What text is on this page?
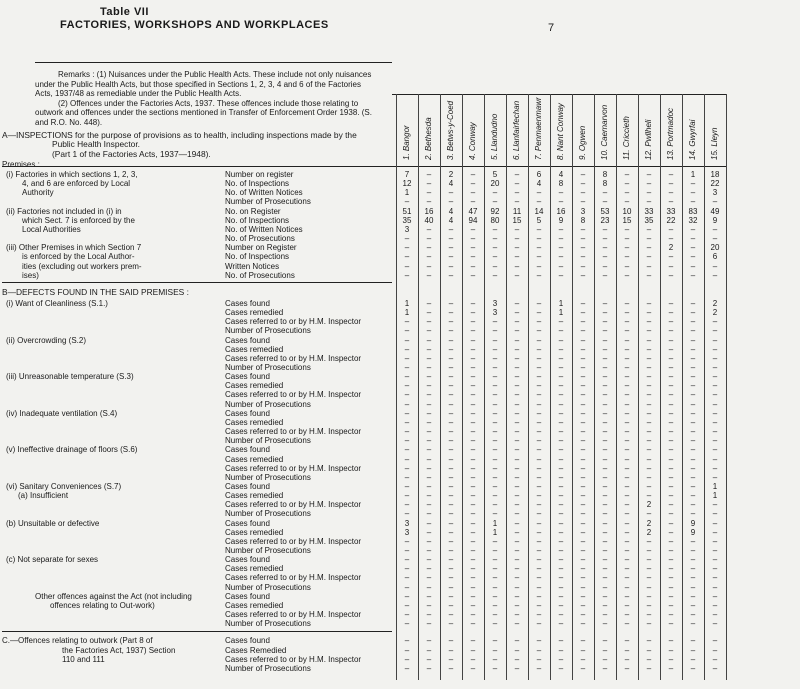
Table VII
FACTORIES, WORKSHOPS AND WORKPLACES	7
Remarks : (1) Nuisances under the Public Health Acts. These include not only nuisances
under the Public Health Acts, but those specified in Sections 1, 2, 3, 4 and 6 of the Factories
Acts, 1937/48 as remediable under the Public Health Acts.
(2) Offences under the Factories Acts, 1937. These offences include those relating to
outwork and offences under the sections mentioned in Transfer of Enforcement Order 1938. (S.
and R.O. No. 448).
A—INSPECTIONS for the purpose of provisions as to health, including inspections made by the
Public Health Inspector.
(Part 1 of the Factories Acts, 1937—1948).
Premises :
1. Bangor 2. Bethesda 3. Betws-y-Coed 4. Conway 5. Llandudno 6. Llanfairfechan 7. Penmaenmawr 8. Nant Conway 9. Ogwen 10. Caernarvon 11. Criccieth 12. Pwllheli 13. Portmadoc 14. Gwyrfai 15. Lleyn
(i) Factories in which sections 1, 2, 3,
4, and 6 are enforced by Local
Authority
Number on register	7	–	2	–	5	–	6	4	–	8	–	–	–	1	18
No. of Inspections	12	–	4	–	20	–	4	8	–	8	–	–	–	–	22
No. of Written Notices	1	–	–	–	–	–	–	–	–	–	–	–	–	–	3
Number of Prosecutions	–	–	–	–	–	–	–	–	–	–	–	–	–	–	–
(ii) Factories not included in (i) in
which Sect. 7 is enforced by the
Local Authorities
No. on Register	51	16	4	47	92	11	14	16	3	53	10	33	33	83	49
No. of Inspections	35	40	4	94	80	15	5	9	8	23	15	35	22	32	9
No. of Written Notices	3	–	–	–	–	–	–	–	–	–	–	–	–	–	–
No. of Prosecutions	–	–	–	–	–	–	–	–	–	–	–	–	–	–	–
(iii) Other Premises in which Section 7
is enforced by the Local Author-
ities (excluding out workers prem-
ises)
Number on Register	–	–	–	–	–	–	–	–	–	–	–	–	2	–	20
No. of Inspections	–	–	–	–	–	–	–	–	–	–	–	–	–	–	6
Written Notices	–	–	–	–	–	–	–	–	–	–	–	–	–	–	–
No. of Prosecutions	–	–	–	–	–	–	–	–	–	–	–	–	–	–	–
B—DEFECTS FOUND IN THE SAID PREMISES :
(i) Want of Cleanliness (S.1.)	Cases found	1	–	–	–	3	–	–	1	–	–	–	–	–	–	2
Cases remedied	1	–	–	–	3	–	–	1	–	–	–	–	–	–	2
Cases referred to or by H.M. Inspector	–	–	–	–	–	–	–	–	–	–	–	–	–	–	–
Number of Prosecutions	–	–	–	–	–	–	–	–	–	–	–	–	–	–	–
(ii) Overcrowding (S.2)	Cases found	–	–	–	–	–	–	–	–	–	–	–	–	–	–	–
Cases remedied	–	–	–	–	–	–	–	–	–	–	–	–	–	–	–
Cases referred to or by H.M. Inspector	–	–	–	–	–	–	–	–	–	–	–	–	–	–	–
Number of Prosecutions	–	–	–	–	–	–	–	–	–	–	–	–	–	–	–
(iii) Unreasonable temperature (S.3)	Cases found	–	–	–	–	–	–	–	–	–	–	–	–	–	–	–
Cases remedied	–	–	–	–	–	–	–	–	–	–	–	–	–	–	–
Cases referred to or by H.M. Inspector	–	–	–	–	–	–	–	–	–	–	–	–	–	–	–
Number of Prosecutions	–	–	–	–	–	–	–	–	–	–	–	–	–	–	–
(iv) Inadequate ventilation (S.4)	Cases found	–	–	–	–	–	–	–	–	–	–	–	–	–	–	–
Cases remedied	–	–	–	–	–	–	–	–	–	–	–	–	–	–	–
Cases referred to or by H.M. Inspector	–	–	–	–	–	–	–	–	–	–	–	–	–	–	–
Number of Prosecutions	–	–	–	–	–	–	–	–	–	–	–	–	–	–	–
(v) Ineffective drainage of floors (S.6)	Cases found	–	–	–	–	–	–	–	–	–	–	–	–	–	–	–
Cases remedied	–	–	–	–	–	–	–	–	–	–	–	–	–	–	–
Cases referred to or by H.M. Inspector	–	–	–	–	–	–	–	–	–	–	–	–	–	–	–
Number of Prosecutions	–	–	–	–	–	–	–	–	–	–	–	–	–	–	–
(vi) Sanitary Conveniences (S.7)
(a) Insufficient
Cases found	–	–	–	–	–	–	–	–	–	–	–	–	–	–	1
Cases remedied	–	–	–	–	–	–	–	–	–	–	–	–	–	–	1
Cases referred to or by H.M. Inspector	–	–	–	–	–	–	–	–	–	–	–	2	–	–	–
Number of Prosecutions	–	–	–	–	–	–	–	–	–	–	–	–	–	–	–
(b) Unsuitable or defective	Cases found	3	–	–	–	1	–	–	–	–	–	–	2	–	9	–
Cases remedied	3	–	–	–	1	–	–	–	–	–	–	2	–	9	–
Cases referred to or by H.M. Inspector	–	–	–	–	–	–	–	–	–	–	–	–	–	–	–
Number of Prosecutions	–	–	–	–	–	–	–	–	–	–	–	–	–	–	–
(c) Not separate for sexes	Cases found	–	–	–	–	–	–	–	–	–	–	–	–	–	–	–
Cases remedied	–	–	–	–	–	–	–	–	–	–	–	–	–	–	–
Cases referred to or by H.M. Inspector	–	–	–	–	–	–	–	–	–	–	–	–	–	–	–
Number of Prosecutions	–	–	–	–	–	–	–	–	–	–	–	–	–	–	–
Other offences against the Act (not including
offences relating to Out-work)
Cases found	–	–	–	–	–	–	–	–	–	–	–	–	–	–	–
Cases remedied	–	–	–	–	–	–	–	–	–	–	–	–	–	–	–
Cases referred to or by H.M. Inspector	–	–	–	–	–	–	–	–	–	–	–	–	–	–	–
Number of Prosecutions	–	–	–	–	–	–	–	–	–	–	–	–	–	–	–
C.—Offences relating to outwork (Part 8 of
the Factories Act, 1937) Section
110 and 111
Cases found	–	–	–	–	–	–	–	–	–	–	–	–	–	–	–
Cases Remedied	–	–	–	–	–	–	–	–	–	–	–	–	–	–	–
Cases referred to or by H.M. Inspector	–	–	–	–	–	–	–	–	–	–	–	–	–	–	–
Number of Prosecutions	–	–	–	–	–	–	–	–	–	–	–	–	–	–	–
